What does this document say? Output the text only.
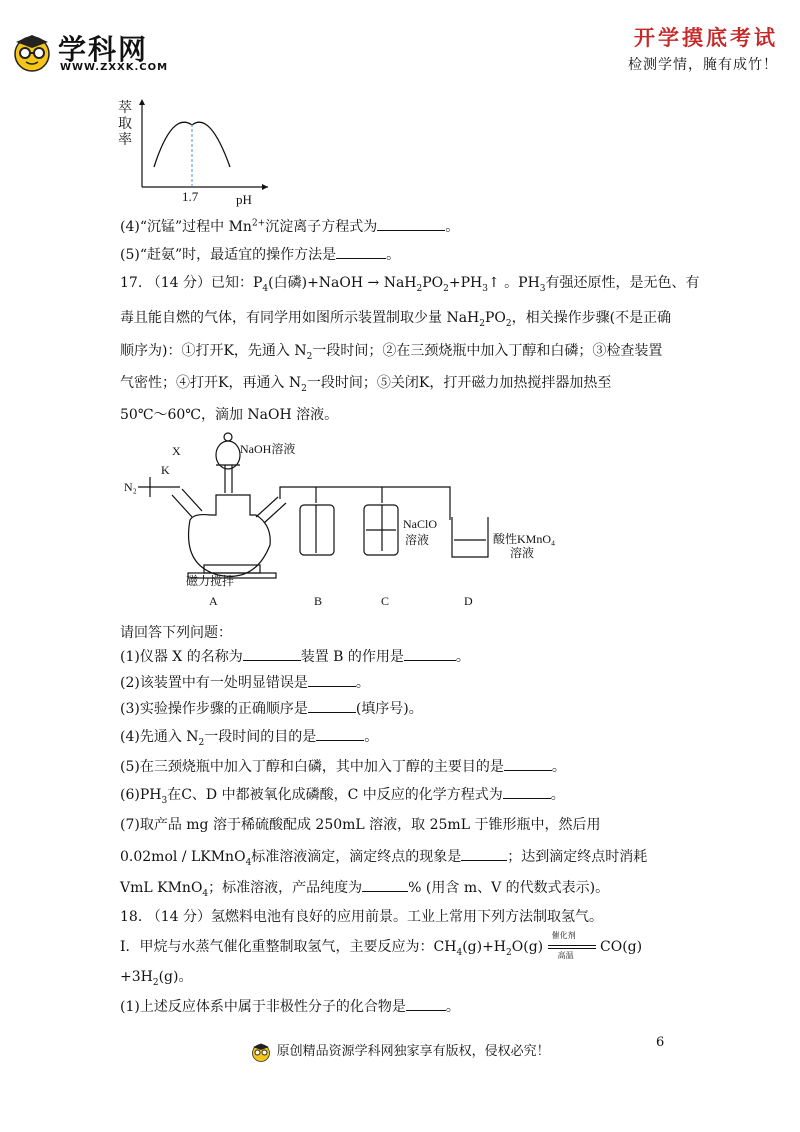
学科网
WWW.ZXXK.COM
开学摸底考试
检测学情，腌有成竹！
萃
取
率
1.7	pH
(4)“沉锰”过程中 $Mn^{2+}$沉淀离子方程式为	。
(5)“赶氨”时，最适宜的操作方法是	。
17. （14 分）已知：$P_4$(白磷)+NaOH → $NaH_2PO_2+PH_3↑$ 。$PH_3$有强还原性，是无色、有
毒且能自燃的气体，有同学用如图所示装置制取少量 $NaH_2PO_2$，相关操作步骤(不是正确
顺序为)：①打开K，先通入 $N_2$一段时间；②在三颈烧瓶中加入丁醇和白磷；③检查装置
气密性；④打开K，再通入 $N_2$一段时间；⑤关闭K，打开磁力加热搅拌器加热至
50℃～60℃，滴加 NaOH 溶液。
X	NaOH溶液
K
N₂
磁力搅拌
NaClO
溶液	酸性KMnO₄
溶液
A	B	C	D
请回答下列问题：
(1)仪器 X 的名称为	装置 B 的作用是	。
(2)该装置中有一处明显错误是	。
(3)实验操作步骤的正确顺序是	(填序号)。
(4)先通入 $N_2$一段时间的目的是	。
(5)在三颈烧瓶中加入丁醇和白磷，其中加入丁醇的主要目的是	。
$(6)PH_3$在C、D 中都被氧化成磷酸，C 中反应的化学方程式为	。
(7)取产品 mg 溶于稀硫酸配成 250mL 溶液，取 25mL 于锥形瓶中，然后用
0.02mol / LKMnO$_4$标准溶液滴定，滴定终点的现象是	；达到滴定终点时消耗
VmL KMnO$_4$；标准溶液，产品纯度为	% (用含 m、V 的代数式表示)。
18. （14 分）氢燃料电池有良好的应用前景。工业上常用下列方法制取氢气。
Ⅰ．甲烷与水蒸气催化重整制取氢气，主要反应为：$CH_4(g)+H_2O(g)$
催化剂
高温
CO(g)
$+3H_2(g)$。
(1)上述反应体系中属于非极性分子的化合物是	。
6
原创精品资源学科网独家享有版权，侵权必究！
